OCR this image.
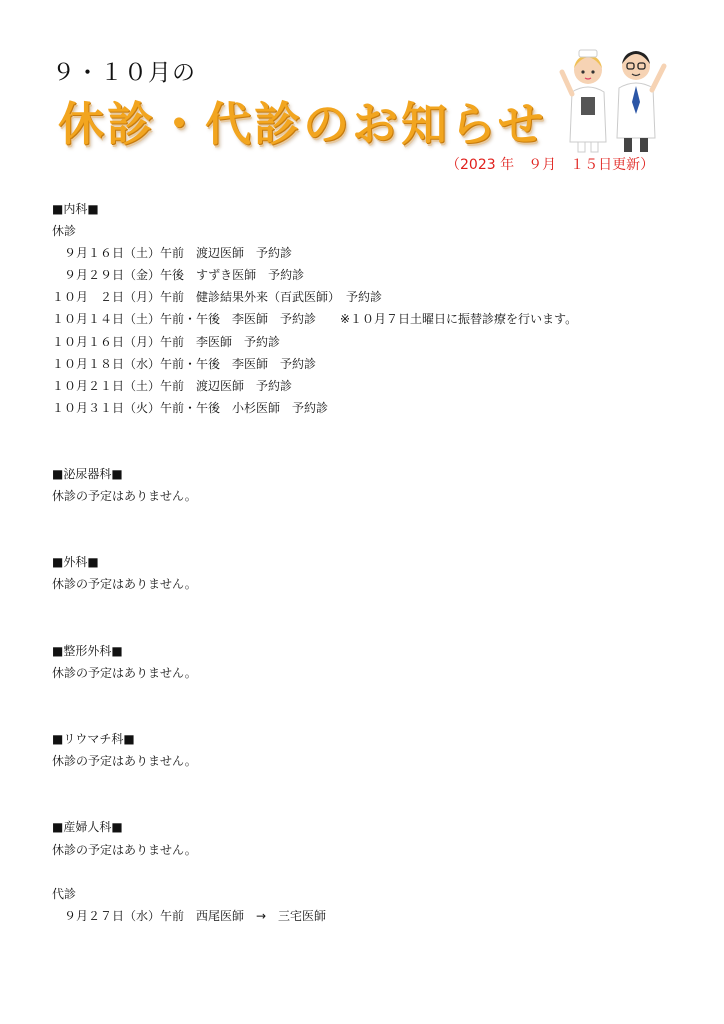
９・１０月の
休診・代診のお知らせ
（2023 年　９月　１５日更新）
■内科■
休診
　９月１６日（土）午前　渡辺医師　予約診
　９月２９日（金）午後　すずき医師　予約診
１０月　２日（月）午前　健診結果外来（百武医師）　予約診
１０月１４日（土）午前・午後　李医師　予約診　　※１０月７日土曜日に振替診療を行います。
１０月１６日（月）午前　李医師　予約診
１０月１８日（水）午前・午後　李医師　予約診
１０月２１日（土）午前　渡辺医師　予約診
１０月３１日（火）午前・午後　小杉医師　予約診
■泌尿器科■
休診の予定はありません。
■外科■
休診の予定はありません。
■整形外科■
休診の予定はありません。
■リウマチ科■
休診の予定はありません。
■産婦人科■
休診の予定はありません。
代診
　９月２７日（水）午前　西尾医師　→　三宅医師
